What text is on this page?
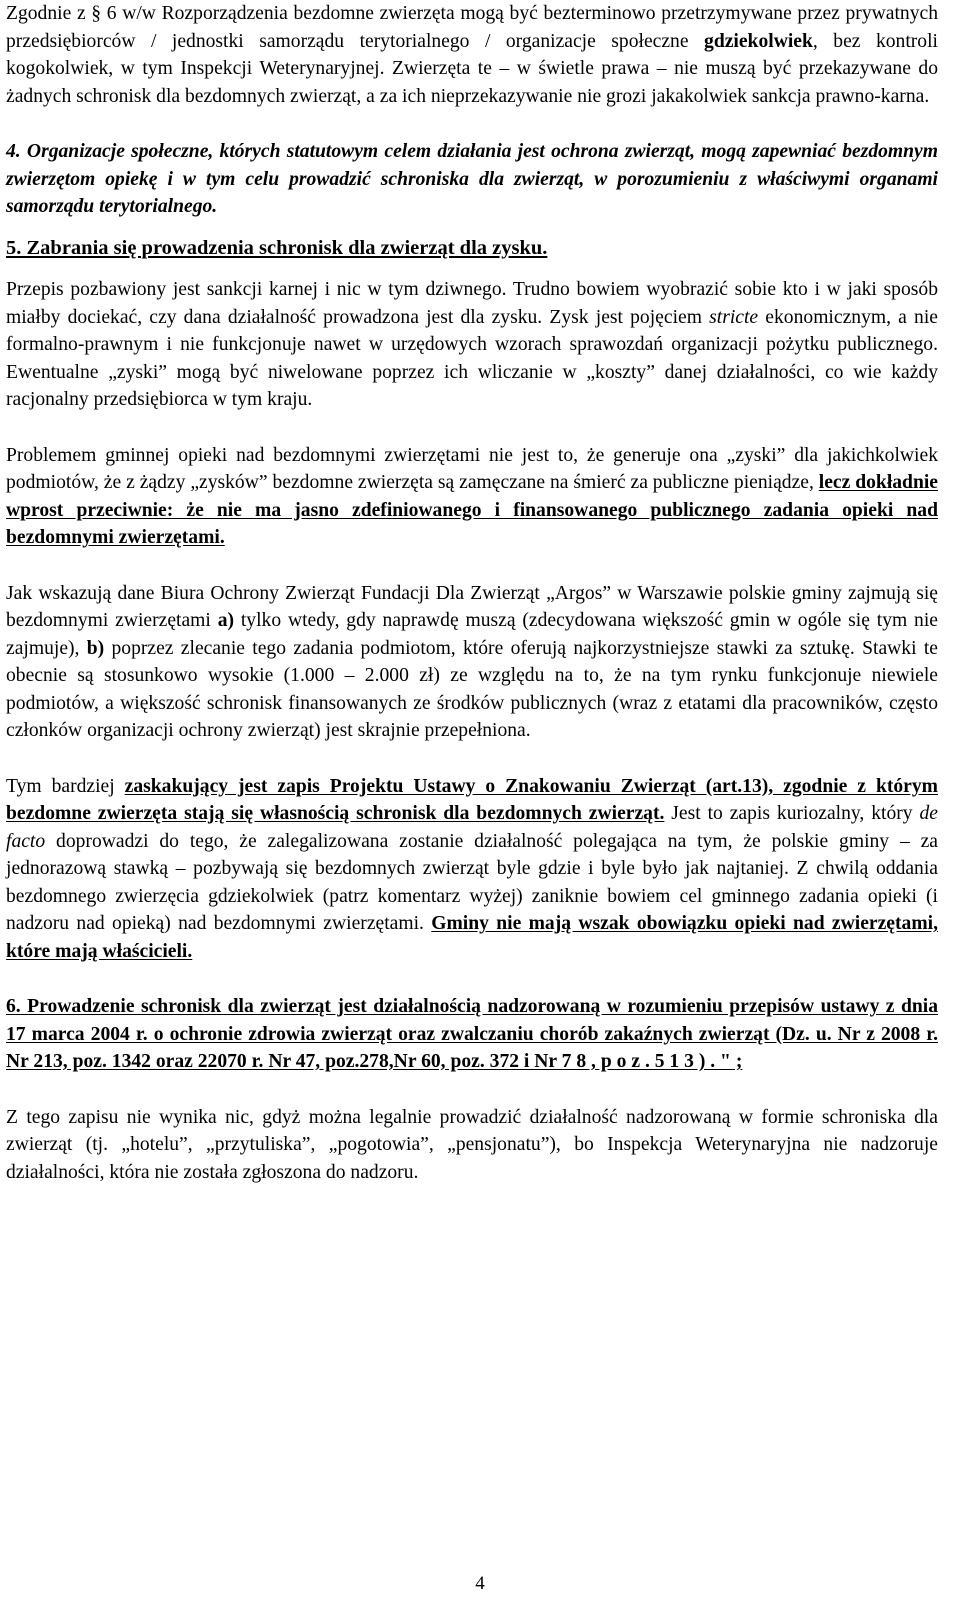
Zgodnie z § 6 w/w Rozporządzenia bezdomne zwierzęta mogą być bezterminowo przetrzymywane przez prywatnych przedsiębiorców / jednostki samorządu terytorialnego / organizacje społeczne gdziekolwiek, bez kontroli kogokolwiek, w tym Inspekcji Weterynaryjnej. Zwierzęta te – w świetle prawa – nie muszą być przekazywane do żadnych schronisk dla bezdomnych zwierząt, a za ich nieprzekazywanie nie grozi jakakolwiek sankcja prawno-karna.

4. Organizacje społeczne, których statutowym celem działania jest ochrona zwierząt, mogą zapewniać bezdomnym zwierzętom opiekę i w tym celu prowadzić schroniska dla zwierząt, w porozumieniu z właściwymi organami samorządu terytorialnego.

5. Zabrania się prowadzenia schronisk dla zwierząt dla zysku.

Przepis pozbawiony jest sankcji karnej i nic w tym dziwnego. Trudno bowiem wyobrazić sobie kto i w jaki sposób miałby dociekać, czy dana działalność prowadzona jest dla zysku. Zysk jest pojęciem stricte ekonomicznym, a nie formalno-prawnym i nie funkcjonuje nawet w urzędowych wzorach sprawozdań organizacji pożytku publicznego. Ewentualne „zyski” mogą być niwelowane poprzez ich wliczanie w „koszty” danej działalności, co wie każdy racjonalny przedsiębiorca w tym kraju.

Problemem gminnej opieki nad bezdomnymi zwierzętami nie jest to, że generuje ona „zyski” dla jakichkolwiek podmiotów, że z żądzy „zysków” bezdomne zwierzęta są zamęczane na śmierć za publiczne pieniądze, lecz dokładnie wprost przeciwnie: że nie ma jasno zdefiniowanego i finansowanego publicznego zadania opieki nad bezdomnymi zwierzętami.

Jak wskazują dane Biura Ochrony Zwierząt Fundacji Dla Zwierząt „Argos” w Warszawie polskie gminy zajmują się bezdomnymi zwierzętami a) tylko wtedy, gdy naprawdę muszą (zdecydowana większość gmin w ogóle się tym nie zajmuje), b) poprzez zlecanie tego zadania podmiotom, które oferują najkorzystniejsze stawki za sztukę. Stawki te obecnie są stosunkowo wysokie (1.000 – 2.000 zł) ze względu na to, że na tym rynku funkcjonuje niewiele podmiotów, a większość schronisk finansowanych ze środków publicznych (wraz z etatami dla pracowników, często członków organizacji ochrony zwierząt) jest skrajnie przepełniona.

Tym bardziej zaskakujący jest zapis Projektu Ustawy o Znakowaniu Zwierząt (art.13), zgodnie z którym bezdomne zwierzęta stają się własnością schronisk dla bezdomnych zwierząt. Jest to zapis kuriozalny, który de facto doprowadzi do tego, że zalegalizowana zostanie działalność polegająca na tym, że polskie gminy – za jednorazową stawką – pozbywają się bezdomnych zwierząt byle gdzie i byle było jak najtaniej. Z chwilą oddania bezdomnego zwierzęcia gdziekolwiek (patrz komentarz wyżej) zaniknie bowiem cel gminnego zadania opieki (i nadzoru nad opieką) nad bezdomnymi zwierzętami. Gminy nie mają wszak obowiązku opieki nad zwierzętami, które mają właścicieli.

6. Prowadzenie schronisk dla zwierząt jest działalnością nadzorowaną w rozumieniu przepisów ustawy z dnia 17 marca 2004 r. o ochronie zdrowia zwierząt oraz zwalczaniu chorób zakaźnych zwierząt (Dz. u. Nr z 2008 r. Nr 213, poz. 1342 oraz 22070 r. Nr 47, poz.278,Nr 60, poz. 372 i Nr 7 8 , p o z . 5 1 3 ) . " ;

Z tego zapisu nie wynika nic, gdyż można legalnie prowadzić działalność nadzorowaną w formie schroniska dla zwierząt (tj. „hotelu”, „przytuliska”, „pogotowia”, „pensjonatu”), bo Inspekcja Weterynaryjna nie nadzoruje działalności, która nie została zgłoszona do nadzoru.

4
